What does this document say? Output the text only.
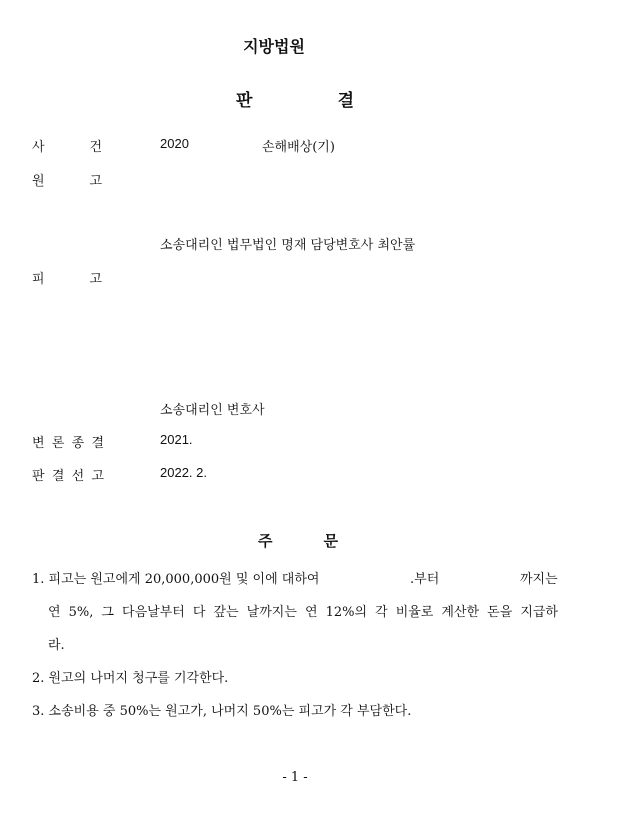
지방법원
판	결
사	건	2020	손해배상(기)
원	고
소송대리인 법무법인 명재 담당변호사 최안률
피	고
소송대리인 변호사
변 론 종 결	2021.
판 결 선 고	2022. 2.
주	문
1. 피고는 원고에게 20,000,000원 및 이에 대하여	.부터	까지는
연 5%, 그 다음날부터 다 갚는 날까지는 연 12%의 각 비율로 계산한 돈을 지급하
라.
2. 원고의 나머지 청구를 기각한다.
3. 소송비용 중 50%는 원고가, 나머지 50%는 피고가 각 부담한다.
- 1 -
